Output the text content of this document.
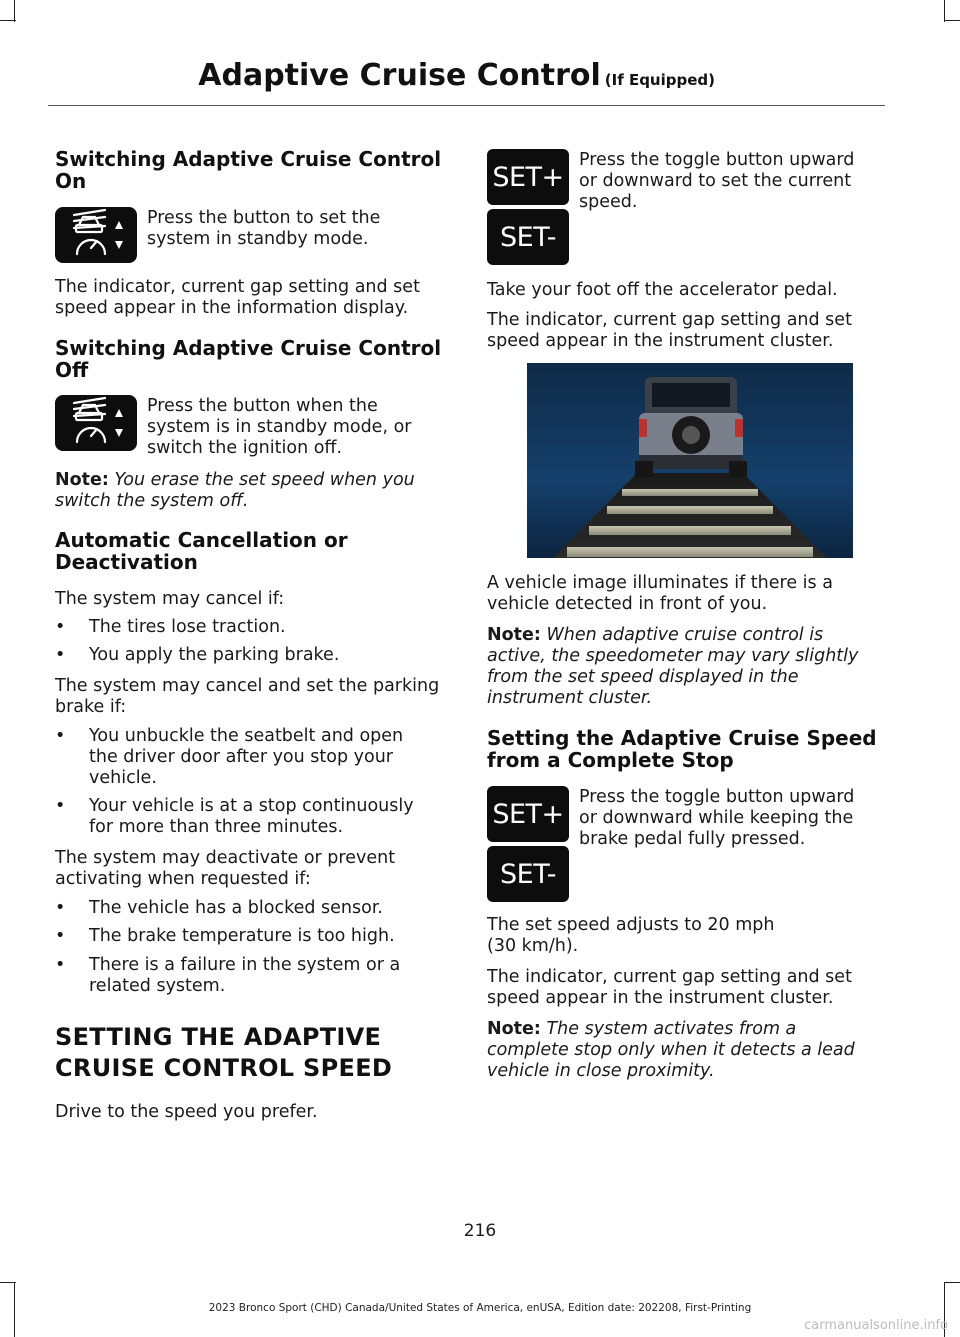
Adaptive Cruise Control (If Equipped)
Switching Adaptive Cruise Control
On
Press the button to set the
system in standby mode.
The indicator, current gap setting and set
speed appear in the information display.
Switching Adaptive Cruise Control
Off
Press the button when the
system is in standby mode, or
switch the ignition off.
Note: You erase the set speed when you
switch the system off.
Automatic Cancellation or
Deactivation
The system may cancel if:
• The tires lose traction.
• You apply the parking brake.
The system may cancel and set the parking
brake if:
• You unbuckle the seatbelt and open
the driver door after you stop your
vehicle.
• Your vehicle is at a stop continuously
for more than three minutes.
The system may deactivate or prevent
activating when requested if:
• The vehicle has a blocked sensor.
• The brake temperature is too high.
• There is a failure in the system or a
related system.
SETTING THE ADAPTIVE
CRUISE CONTROL SPEED
Drive to the speed you prefer.
SET+
SET-
Press the toggle button upward
or downward to set the current
speed.
Take your foot off the accelerator pedal.
The indicator, current gap setting and set
speed appear in the instrument cluster.
A vehicle image illuminates if there is a
vehicle detected in front of you.
Note: When adaptive cruise control is
active, the speedometer may vary slightly
from the set speed displayed in the
instrument cluster.
Setting the Adaptive Cruise Speed
from a Complete Stop
SET+
SET-
Press the toggle button upward
or downward while keeping the
brake pedal fully pressed.
The set speed adjusts to 20 mph
(30 km/h).
The indicator, current gap setting and set
speed appear in the instrument cluster.
Note: The system activates from a
complete stop only when it detects a lead
vehicle in close proximity.
216
2023 Bronco Sport (CHD) Canada/United States of America, enUSA, Edition date: 202208, First-Printing
carmanualsonline.info
